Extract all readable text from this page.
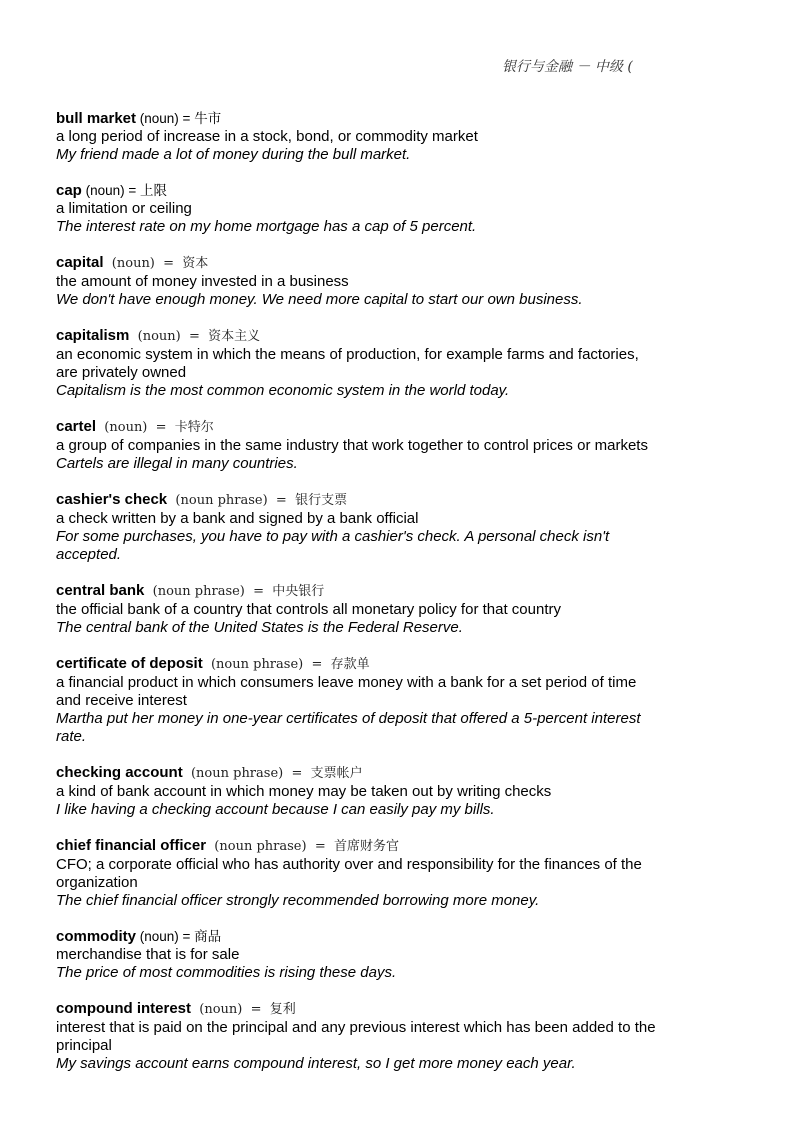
银行与金融 － 中级 (
bull market (noun) = 牛市
a long period of increase in a stock, bond, or commodity market
My friend made a lot of money during the bull market.
cap (noun) = 上限
a limitation or ceiling
The interest rate on my home mortgage has a cap of 5 percent.
capital  (noun)  =  资本
the amount of money invested in a business
We don't have enough money. We need more capital to start our own business.
capitalism  (noun)  =  资本主义
an economic system in which the means of production, for example farms and factories, are privately owned
Capitalism is the most common economic system in the world today.
cartel  (noun)  =  卡特尔
a group of companies in the same industry that work together to control prices or markets
Cartels are illegal in many countries.
cashier's check  (noun phrase)  =  银行支票
a check written by a bank and signed by a bank official
For some purchases, you have to pay with a cashier's check. A personal check isn't accepted.
central bank  (noun phrase)  =  中央银行
the official bank of a country that controls all monetary policy for that country
The central bank of the United States is the Federal Reserve.
certificate of deposit  (noun phrase)  =  存款单
a financial product in which consumers leave money with a bank for a set period of time and receive interest
Martha put her money in one-year certificates of deposit that offered a 5-percent interest rate.
checking account  (noun phrase)  =  支票帐户
a kind of bank account in which money may be taken out by writing checks
I like having a checking account because I can easily pay my bills.
chief financial officer  (noun phrase)  =  首席财务官
CFO; a corporate official who has authority over and responsibility for the finances of the organization
The chief financial officer strongly recommended borrowing more money.
commodity (noun) = 商品
merchandise that is for sale
The price of most commodities is rising these days.
compound interest  (noun)  =  复利
interest that is paid on the principal and any previous interest which has been added to the principal
My savings account earns compound interest, so I get more money each year.
